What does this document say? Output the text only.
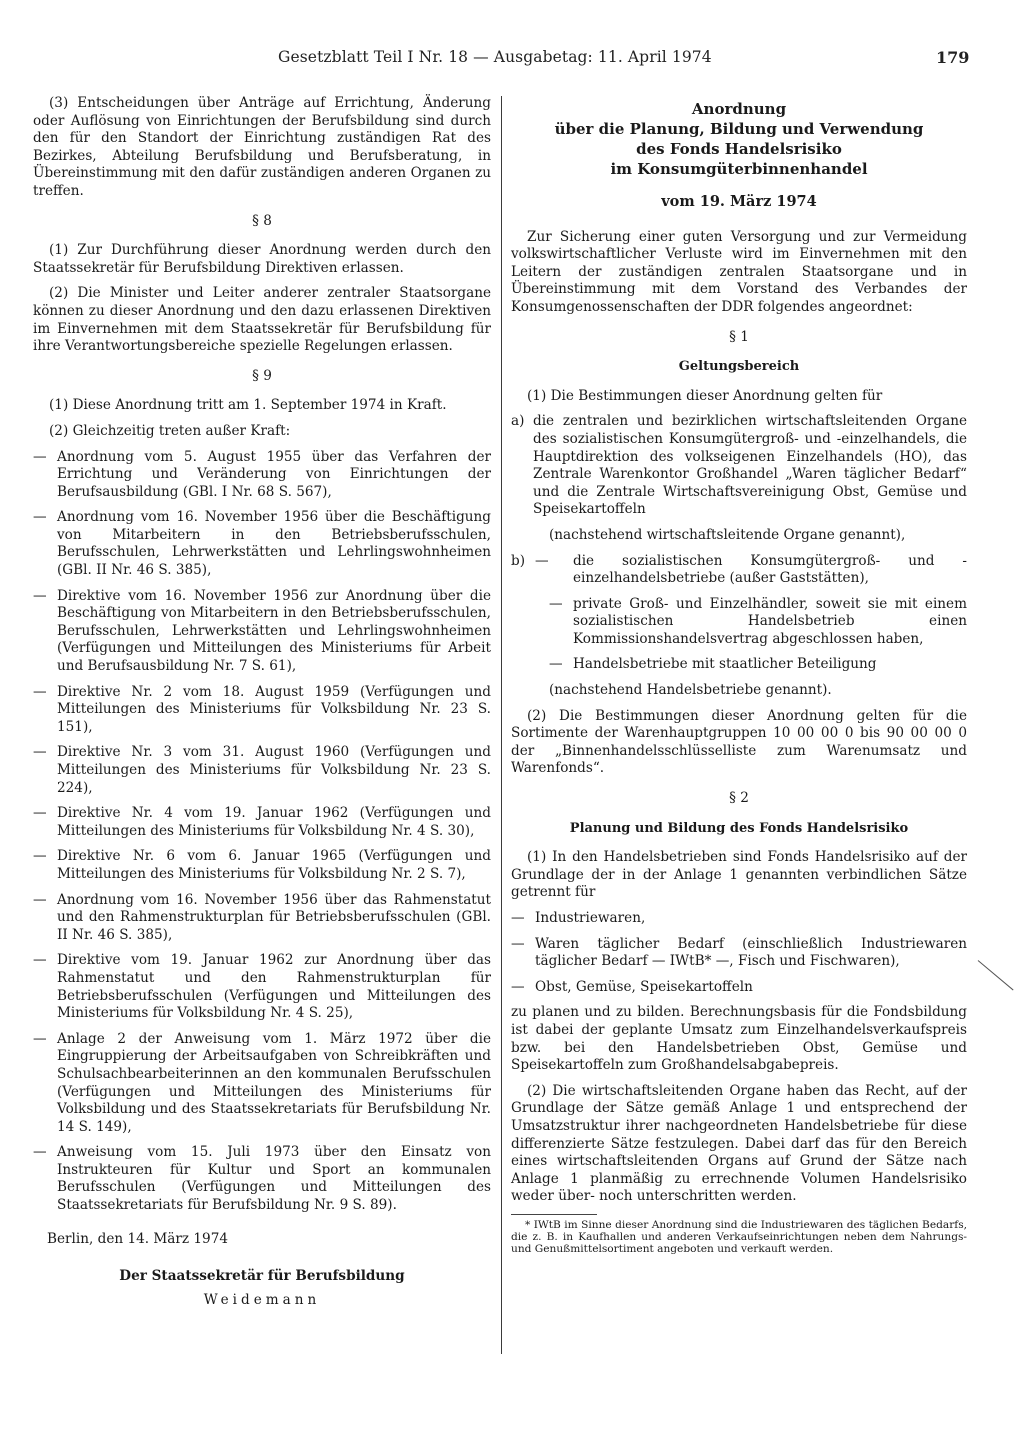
Gesetzblatt Teil I Nr. 18 — Ausgabetag: 11. April 1974	179

(3) Entscheidungen über Anträge auf Errichtung, Änderung oder Auflösung von Einrichtungen der Berufsbildung sind durch den für den Standort der Einrichtung zuständigen Rat des Bezirkes, Abteilung Berufsbildung und Berufsberatung, in Übereinstimmung mit den dafür zuständigen anderen Organen zu treffen.

§ 8

(1) Zur Durchführung dieser Anordnung werden durch den Staatssekretär für Berufsbildung Direktiven erlassen.

(2) Die Minister und Leiter anderer zentraler Staatsorgane können zu dieser Anordnung und den dazu erlassenen Direktiven im Einvernehmen mit dem Staatssekretär für Berufsbildung für ihre Verantwortungsbereiche spezielle Regelungen erlassen.

§ 9

(1) Diese Anordnung tritt am 1. September 1974 in Kraft.

(2) Gleichzeitig treten außer Kraft:

— Anordnung vom 5. August 1955 über das Verfahren der Errichtung und Veränderung von Einrichtungen der Berufsausbildung (GBl. I Nr. 68 S. 567),
— Anordnung vom 16. November 1956 über die Beschäftigung von Mitarbeitern in den Betriebsberufsschulen, Berufsschulen, Lehrwerkstätten und Lehrlingswohnheimen (GBl. II Nr. 46 S. 385),
— Direktive vom 16. November 1956 zur Anordnung über die Beschäftigung von Mitarbeitern in den Betriebsberufsschulen, Berufsschulen, Lehrwerkstätten und Lehrlingswohnheimen (Verfügungen und Mitteilungen des Ministeriums für Arbeit und Berufsausbildung Nr. 7 S. 61),
— Direktive Nr. 2 vom 18. August 1959 (Verfügungen und Mitteilungen des Ministeriums für Volksbildung Nr. 23 S. 151),
— Direktive Nr. 3 vom 31. August 1960 (Verfügungen und Mitteilungen des Ministeriums für Volksbildung Nr. 23 S. 224),
— Direktive Nr. 4 vom 19. Januar 1962 (Verfügungen und Mitteilungen des Ministeriums für Volksbildung Nr. 4 S. 30),
— Direktive Nr. 6 vom 6. Januar 1965 (Verfügungen und Mitteilungen des Ministeriums für Volksbildung Nr. 2 S. 7),
— Anordnung vom 16. November 1956 über das Rahmenstatut und den Rahmenstrukturplan für Betriebsberufsschulen (GBl. II Nr. 46 S. 385),
— Direktive vom 19. Januar 1962 zur Anordnung über das Rahmenstatut und den Rahmenstrukturplan für Betriebsberufsschulen (Verfügungen und Mitteilungen des Ministeriums für Volksbildung Nr. 4 S. 25),
— Anlage 2 der Anweisung vom 1. März 1972 über die Eingruppierung der Arbeitsaufgaben von Schreibkräften und Schulsachbearbeiterinnen an den kommunalen Berufsschulen (Verfügungen und Mitteilungen des Ministeriums für Volksbildung und des Staatssekretariats für Berufsbildung Nr. 14 S. 149),
— Anweisung vom 15. Juli 1973 über den Einsatz von Instrukteuren für Kultur und Sport an kommunalen Berufsschulen (Verfügungen und Mitteilungen des Staatssekretariats für Berufsbildung Nr. 9 S. 89).
Berlin, den 14. März 1974
Der Staatssekretär für Berufsbildung
Weidemann
Anordnung
über die Planung, Bildung und Verwendung
des Fonds Handelsrisiko
im Konsumgüterbinnenhandel
vom 19. März 1974

Zur Sicherung einer guten Versorgung und zur Vermeidung volkswirtschaftlicher Verluste wird im Einvernehmen mit den Leitern der zuständigen zentralen Staatsorgane und in Übereinstimmung mit dem Vorstand des Verbandes der Konsumgenossenschaften der DDR folgendes angeordnet:

§ 1
Geltungsbereich

(1) Die Bestimmungen dieser Anordnung gelten für

a) die zentralen und bezirklichen wirtschaftsleitenden Organe des sozialistischen Konsumgütergroß- und -einzelhandels, die Hauptdirektion des volkseigenen Einzelhandels (HO), das Zentrale Warenkontor Großhandel „Waren täglicher Bedarf“ und die Zentrale Wirtschaftsvereinigung Obst, Gemüse und Speisekartoffeln
(nachstehend wirtschaftsleitende Organe genannt),
b) — die sozialistischen Konsumgütergroß- und -einzelhandelsbetriebe (außer Gaststätten),
— private Groß- und Einzelhändler, soweit sie mit einem sozialistischen Handelsbetrieb einen Kommissionshandelsvertrag abgeschlossen haben,
— Handelsbetriebe mit staatlicher Beteiligung
(nachstehend Handelsbetriebe genannt).

(2) Die Bestimmungen dieser Anordnung gelten für die Sortimente der Warenhauptgruppen 10 00 00 0 bis 90 00 00 0 der „Binnenhandelsschlüsselliste zum Warenumsatz und Warenfonds“.

§ 2
Planung und Bildung des Fonds Handelsrisiko

(1) In den Handelsbetrieben sind Fonds Handelsrisiko auf der Grundlage der in der Anlage 1 genannten verbindlichen Sätze getrennt für

— Industriewaren,
— Waren täglicher Bedarf (einschließlich Industriewaren täglicher Bedarf — IWtB* —, Fisch und Fischwaren),
— Obst, Gemüse, Speisekartoffeln

zu planen und zu bilden. Berechnungsbasis für die Fondsbildung ist dabei der geplante Umsatz zum Einzelhandelsverkaufspreis bzw. bei den Handelsbetrieben Obst, Gemüse und Speisekartoffeln zum Großhandelsabgabepreis.

(2) Die wirtschaftsleitenden Organe haben das Recht, auf der Grundlage der Sätze gemäß Anlage 1 und entsprechend der Umsatzstruktur ihrer nachgeordneten Handelsbetriebe für diese differenzierte Sätze festzulegen. Dabei darf das für den Bereich eines wirtschaftsleitenden Organs auf Grund der Sätze nach Anlage 1 planmäßig zu errechnende Volumen Handelsrisiko weder über- noch unterschritten werden.

* IWtB im Sinne dieser Anordnung sind die Industriewaren des täglichen Bedarfs, die z. B. in Kaufhallen und anderen Verkaufseinrichtungen neben dem Nahrungs- und Genußmittelsortiment angeboten und verkauft werden.
